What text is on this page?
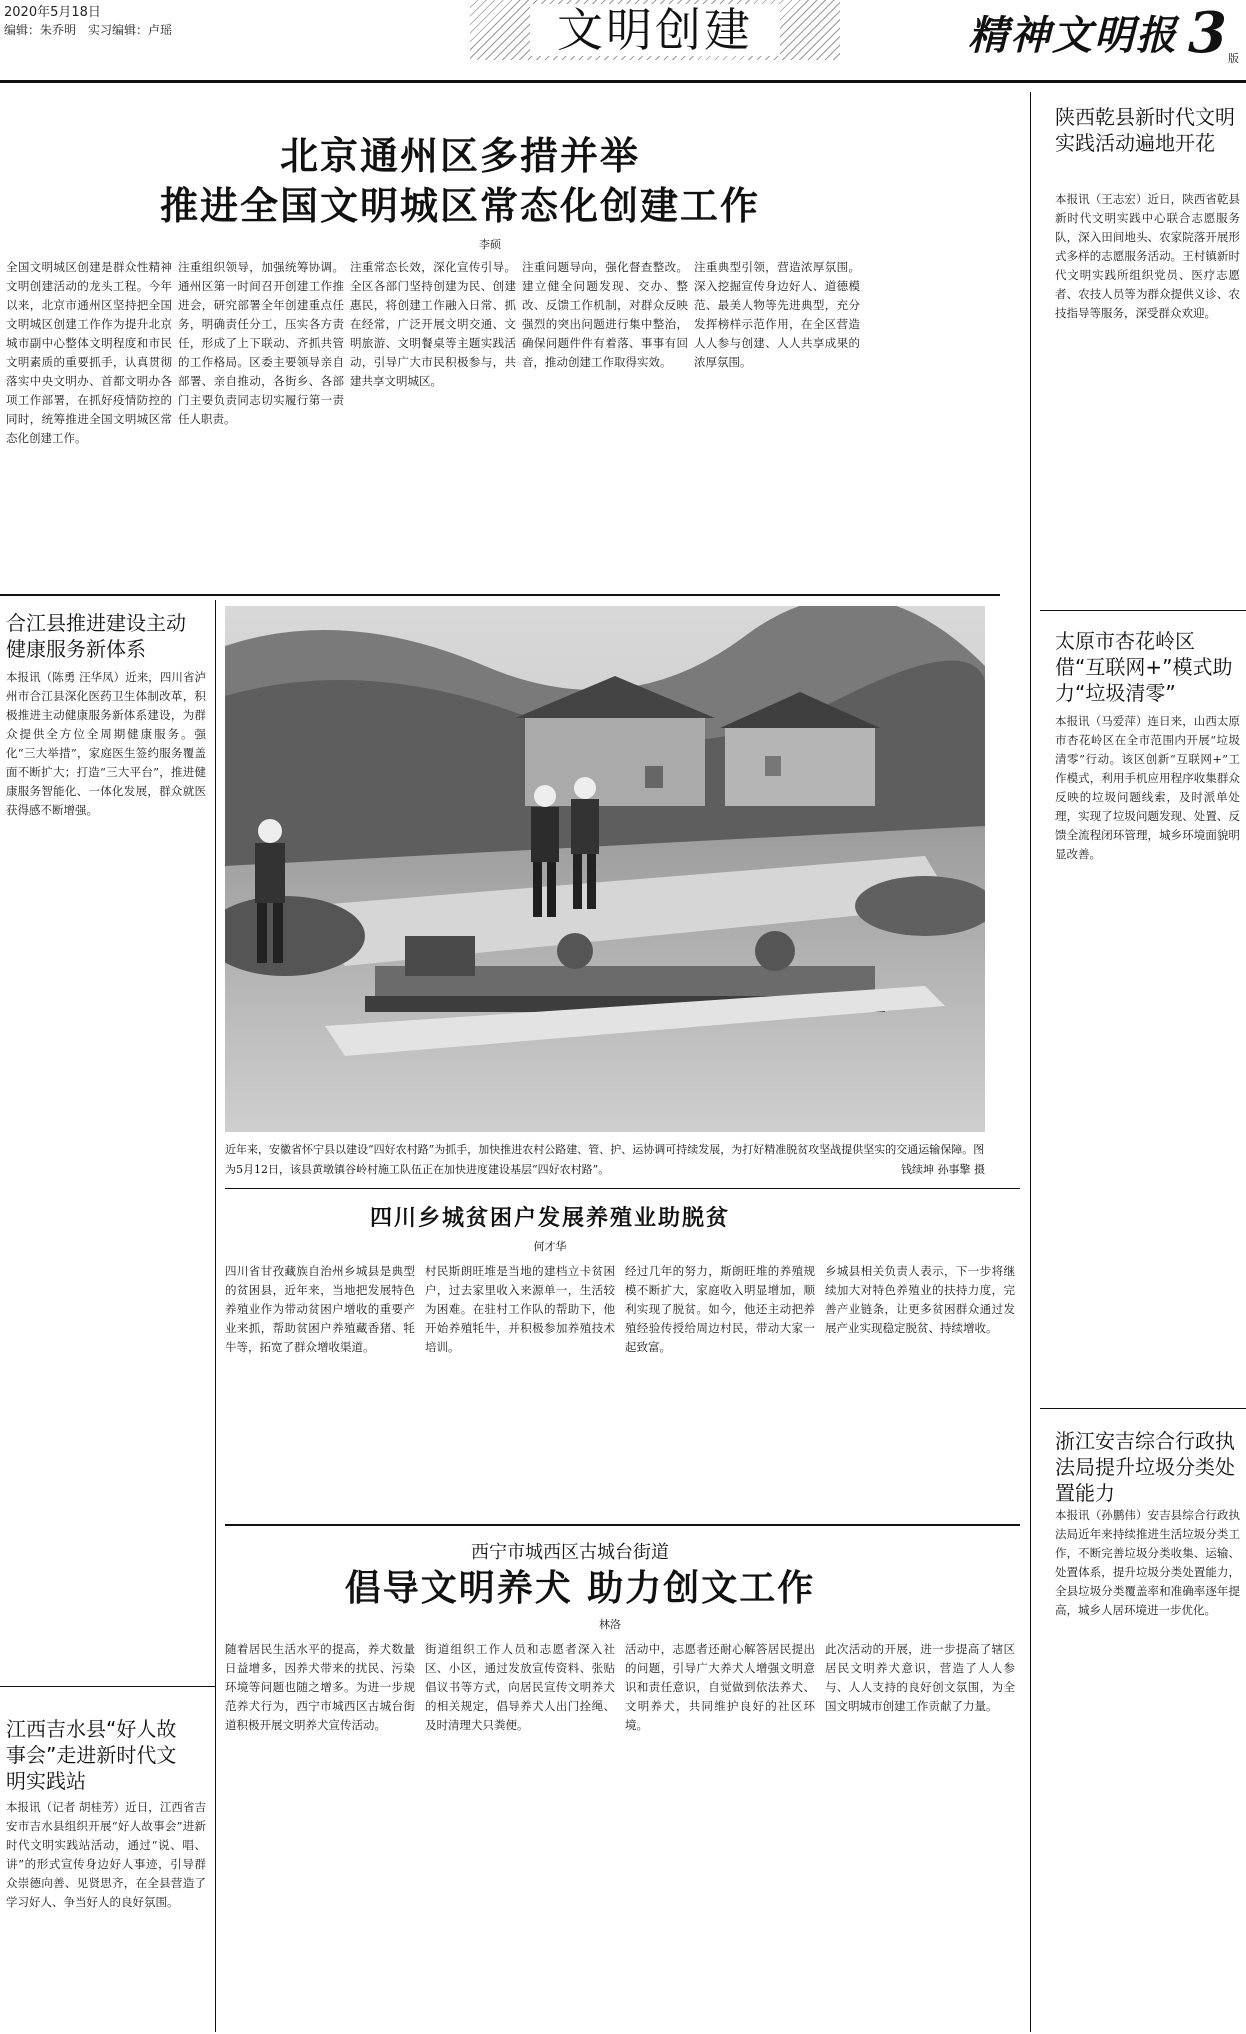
2020年5月18日
编辑：朱乔明　实习编辑：卢瑶	文明创建	精神文明报 3 版
北京通州区多措并举
推进全国文明城区常态化创建工作
李硕
全国文明城区创建是群众性精神文明创建活动的龙头工程。今年以来，北京市通州区坚持把全国文明城区创建工作作为提升北京城市副中心整体文明程度和市民文明素质的重要抓手，认真贯彻落实中央文明办、首都文明办各项工作部署，在抓好疫情防控的同时，统筹推进全国文明城区常态化创建工作。
注重组织领导，加强统筹协调。通州区第一时间召开创建工作推进会，研究部署全年创建重点任务，明确责任分工，压实各方责任，形成了上下联动、齐抓共管的工作格局。区委主要领导亲自部署、亲自推动，各街乡、各部门主要负责同志切实履行第一责任人职责。
注重常态长效，深化宣传引导。全区各部门坚持创建为民、创建惠民，将创建工作融入日常、抓在经常，广泛开展文明交通、文明旅游、文明餐桌等主题实践活动，引导广大市民积极参与，共建共享文明城区。
注重问题导向，强化督查整改。建立健全问题发现、交办、整改、反馈工作机制，对群众反映强烈的突出问题进行集中整治，确保问题件件有着落、事事有回音，推动创建工作取得实效。
注重典型引领，营造浓厚氛围。深入挖掘宣传身边好人、道德模范、最美人物等先进典型，充分发挥榜样示范作用，在全区营造人人参与创建、人人共享成果的浓厚氛围。
陕西乾县新时代文明实践活动遍地开花
本报讯（王志宏）近日，陕西省乾县新时代文明实践中心联合志愿服务队，深入田间地头、农家院落开展形式多样的志愿服务活动。王村镇新时代文明实践所组织党员、医疗志愿者、农技人员等为群众提供义诊、农技指导等服务，深受群众欢迎。
太原市杏花岭区借“互联网+”模式助力“垃圾清零”
本报讯（马爱萍）连日来，山西太原市杏花岭区在全市范围内开展“垃圾清零”行动。该区创新“互联网+”工作模式，利用手机应用程序收集群众反映的垃圾问题线索，及时派单处理，实现了垃圾问题发现、处置、反馈全流程闭环管理，城乡环境面貌明显改善。
浙江安吉综合行政执法局提升垃圾分类处置能力
本报讯（孙鹏伟）安吉县综合行政执法局近年来持续推进生活垃圾分类工作，不断完善垃圾分类收集、运输、处置体系，提升垃圾分类处置能力，全县垃圾分类覆盖率和准确率逐年提高，城乡人居环境进一步优化。
合江县推进建设主动健康服务新体系
本报讯（陈勇 汪华凤）近来，四川省泸州市合江县深化医药卫生体制改革，积极推进主动健康服务新体系建设，为群众提供全方位全周期健康服务。强化“三大举措”，家庭医生签约服务覆盖面不断扩大；打造“三大平台”，推进健康服务智能化、一体化发展，群众就医获得感不断增强。
江西吉水县“好人故事会”走进新时代文明实践站
本报讯（记者 胡桂芳）近日，江西省吉安市吉水县组织开展“好人故事会”进新时代文明实践站活动，通过“说、唱、讲”的形式宣传身边好人事迹，引导群众崇德向善、见贤思齐，在全县营造了学习好人、争当好人的良好氛围。
近年来，安徽省怀宁县以建设“四好农村路”为抓手，加快推进农村公路建、管、护、运协调可持续发展，为打好精准脱贫攻坚战提供坚实的交通运输保障。图为5月12日，该县黄墩镇谷岭村施工队伍正在加快进度建设基层“四好农村路”。	钱续坤 孙事擎 摄
四川乡城贫困户发展养殖业助脱贫
何才华
四川省甘孜藏族自治州乡城县是典型的贫困县，近年来，当地把发展特色养殖业作为带动贫困户增收的重要产业来抓，帮助贫困户养殖藏香猪、牦牛等，拓宽了群众增收渠道。
村民斯朗旺堆是当地的建档立卡贫困户，过去家里收入来源单一，生活较为困难。在驻村工作队的帮助下，他开始养殖牦牛，并积极参加养殖技术培训。
经过几年的努力，斯朗旺堆的养殖规模不断扩大，家庭收入明显增加，顺利实现了脱贫。如今，他还主动把养殖经验传授给周边村民，带动大家一起致富。
乡城县相关负责人表示，下一步将继续加大对特色养殖业的扶持力度，完善产业链条，让更多贫困群众通过发展产业实现稳定脱贫、持续增收。
西宁市城西区古城台街道
倡导文明养犬 助力创文工作
林洛
随着居民生活水平的提高，养犬数量日益增多，因养犬带来的扰民、污染环境等问题也随之增多。为进一步规范养犬行为，西宁市城西区古城台街道积极开展文明养犬宣传活动。
街道组织工作人员和志愿者深入社区、小区，通过发放宣传资料、张贴倡议书等方式，向居民宣传文明养犬的相关规定，倡导养犬人出门拴绳、及时清理犬只粪便。
活动中，志愿者还耐心解答居民提出的问题，引导广大养犬人增强文明意识和责任意识，自觉做到依法养犬、文明养犬，共同维护良好的社区环境。
此次活动的开展，进一步提高了辖区居民文明养犬意识，营造了人人参与、人人支持的良好创文氛围，为全国文明城市创建工作贡献了力量。
